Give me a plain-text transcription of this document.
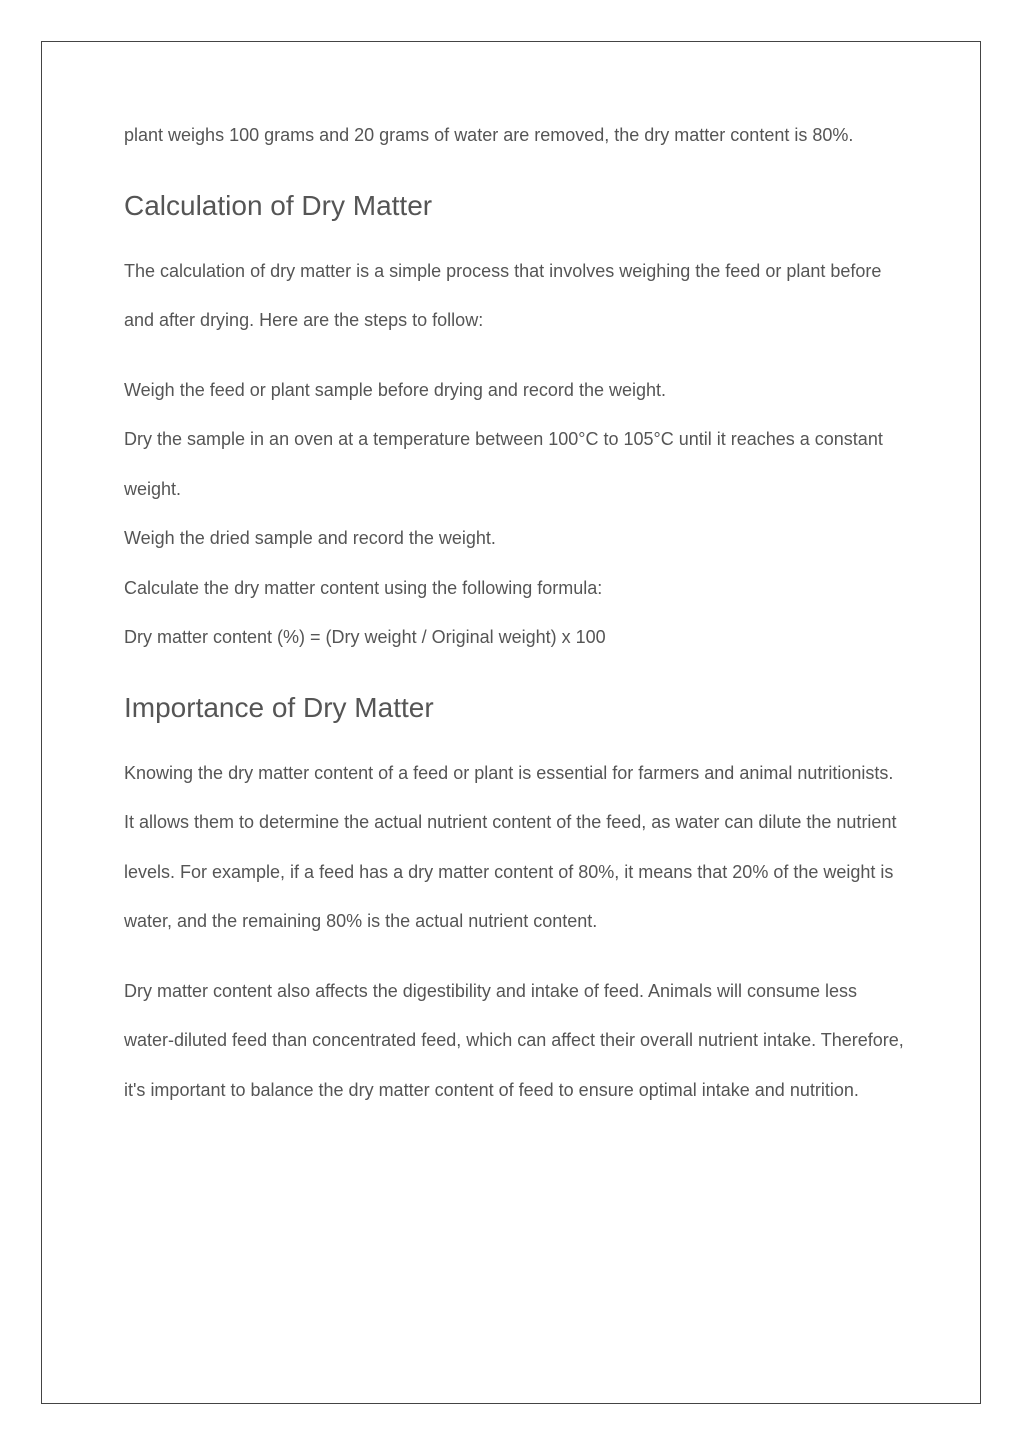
plant weighs 100 grams and 20 grams of water are removed, the dry matter content is 80%.

Calculation of Dry Matter

The calculation of dry matter is a simple process that involves weighing the feed or plant before and after drying. Here are the steps to follow:

Weigh the feed or plant sample before drying and record the weight.

Dry the sample in an oven at a temperature between 100°C to 105°C until it reaches a constant weight.

Weigh the dried sample and record the weight.

Calculate the dry matter content using the following formula:

Dry matter content (%) = (Dry weight / Original weight) x 100

Importance of Dry Matter

Knowing the dry matter content of a feed or plant is essential for farmers and animal nutritionists. It allows them to determine the actual nutrient content of the feed, as water can dilute the nutrient levels. For example, if a feed has a dry matter content of 80%, it means that 20% of the weight is water, and the remaining 80% is the actual nutrient content.

Dry matter content also affects the digestibility and intake of feed. Animals will consume less water-diluted feed than concentrated feed, which can affect their overall nutrient intake. Therefore, it's important to balance the dry matter content of feed to ensure optimal intake and nutrition.
